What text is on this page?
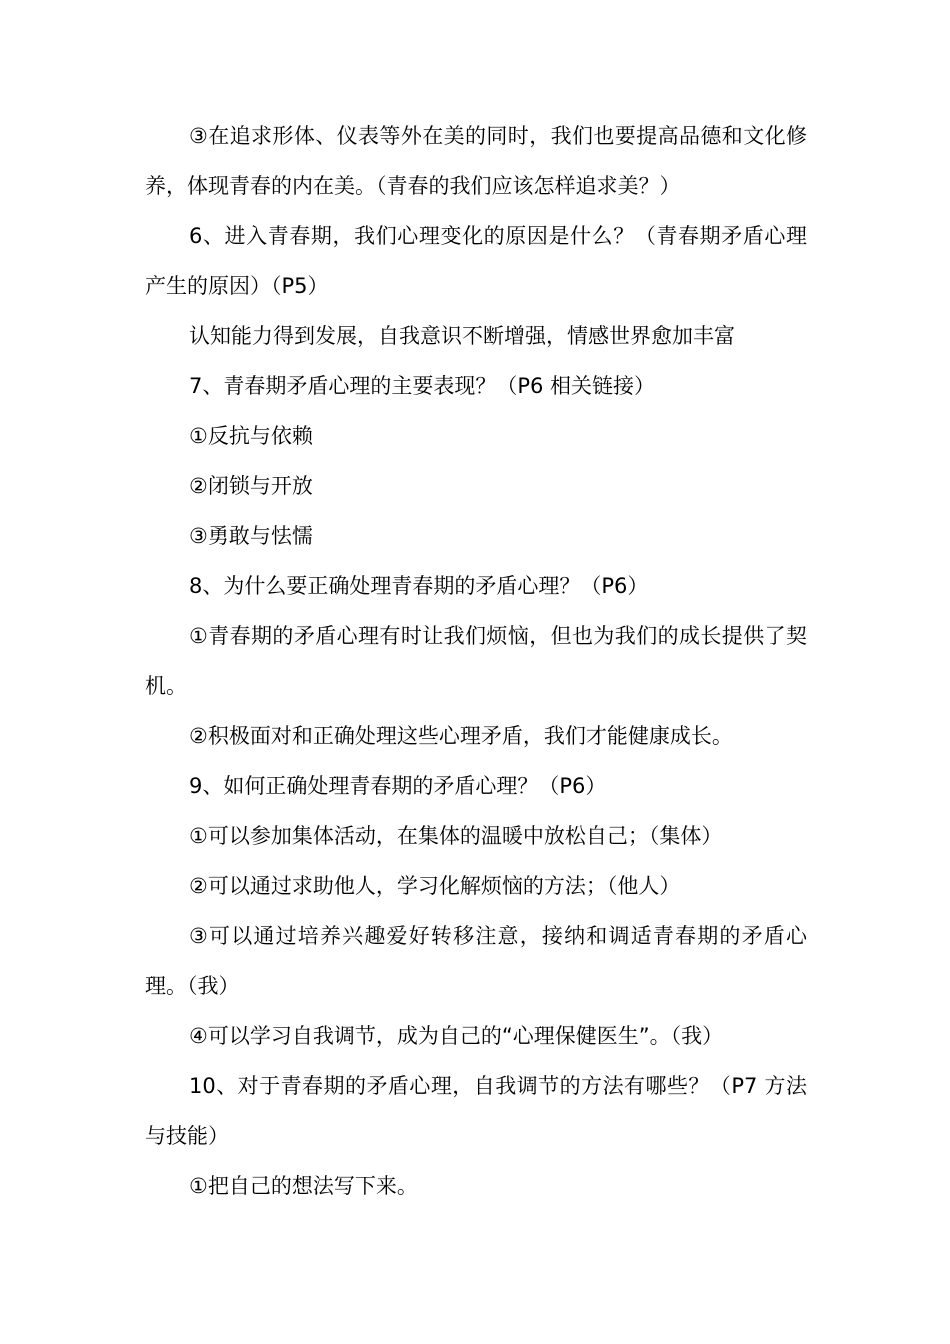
③在追求形体、仪表等外在美的同时，我们也要提高品德和文化修养，体现青春的内在美。（青春的我们应该怎样追求美？）

6、进入青春期，我们心理变化的原因是什么？（青春期矛盾心理产生的原因）（P5）

认知能力得到发展，自我意识不断增强，情感世界愈加丰富

7、青春期矛盾心理的主要表现？（P6 相关链接）

①反抗与依赖

②闭锁与开放

③勇敢与怯懦

8、为什么要正确处理青春期的矛盾心理？（P6）

①青春期的矛盾心理有时让我们烦恼，但也为我们的成长提供了契机。

②积极面对和正确处理这些心理矛盾，我们才能健康成长。

9、如何正确处理青春期的矛盾心理？（P6）

①可以参加集体活动，在集体的温暖中放松自己；（集体）

②可以通过求助他人，学习化解烦恼的方法；（他人）

③可以通过培养兴趣爱好转移注意，接纳和调适青春期的矛盾心理。（我）

④可以学习自我调节，成为自己的“心理保健医生”。（我）

10、对于青春期的矛盾心理，自我调节的方法有哪些？（P7 方法与技能）

①把自己的想法写下来。
